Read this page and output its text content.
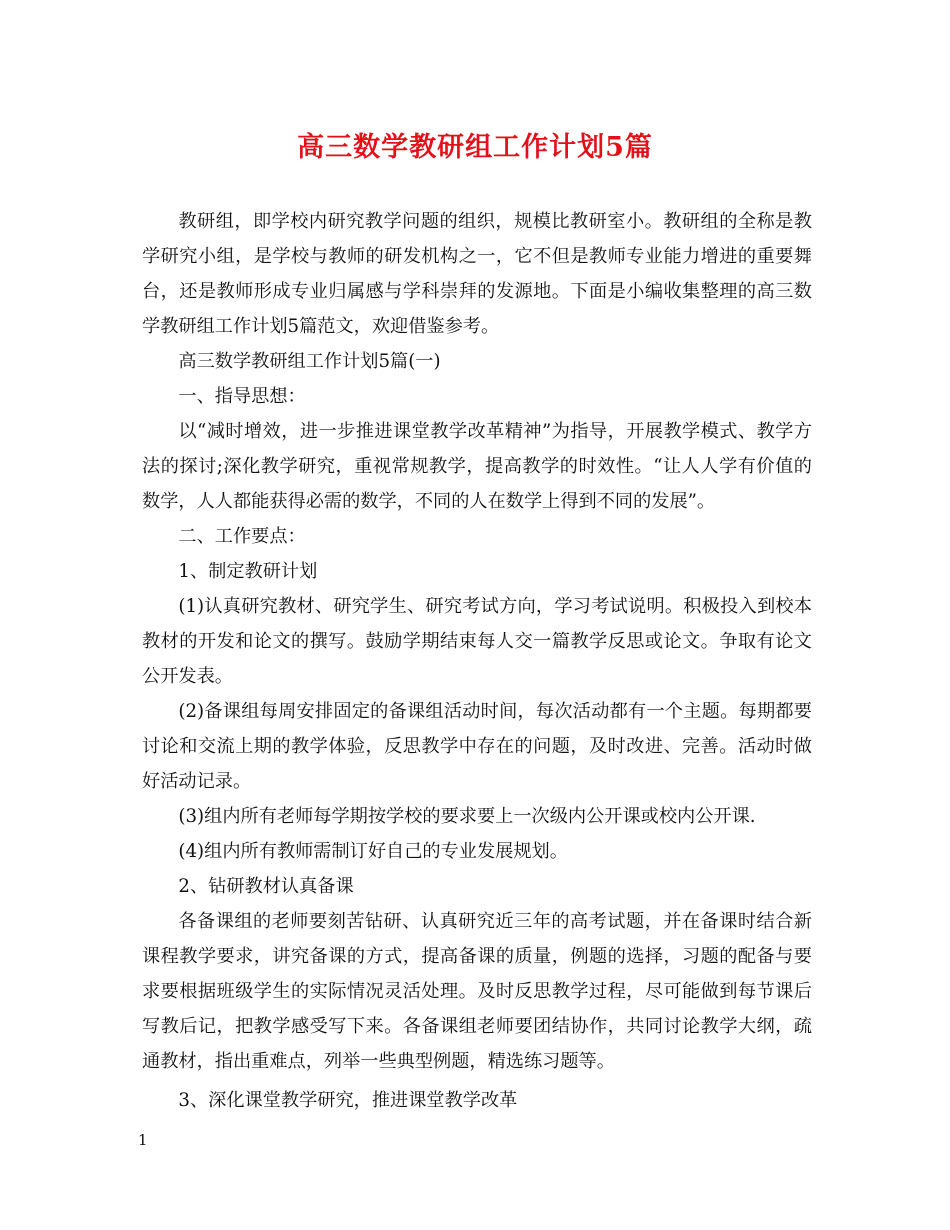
高三数学教研组工作计划5篇

教研组，即学校内研究教学问题的组织，规模比教研室小。教研组的全称是教学研究小组，是学校与教师的研发机构之一，它不但是教师专业能力增进的重要舞台，还是教师形成专业归属感与学科崇拜的发源地。下面是小编收集整理的高三数学教研组工作计划5篇范文，欢迎借鉴参考。

高三数学教研组工作计划5篇(一)

一、指导思想：

以“减时增效，进一步推进课堂教学改革精神”为指导，开展教学模式、教学方法的探讨;深化教学研究，重视常规教学，提高教学的时效性。“让人人学有价值的数学，人人都能获得必需的数学，不同的人在数学上得到不同的发展”。

二、工作要点：

1、制定教研计划

(1)认真研究教材、研究学生、研究考试方向，学习考试说明。积极投入到校本教材的开发和论文的撰写。鼓励学期结束每人交一篇教学反思或论文。争取有论文公开发表。

(2)备课组每周安排固定的备课组活动时间，每次活动都有一个主题。每期都要讨论和交流上期的教学体验，反思教学中存在的问题，及时改进、完善。活动时做好活动记录。

(3)组内所有老师每学期按学校的要求要上一次级内公开课或校内公开课.

(4)组内所有教师需制订好自己的专业发展规划。

2、钻研教材认真备课

各备课组的老师要刻苦钻研、认真研究近三年的高考试题，并在备课时结合新课程教学要求，讲究备课的方式，提高备课的质量，例题的选择，习题的配备与要求要根据班级学生的实际情况灵活处理。及时反思教学过程，尽可能做到每节课后写教后记，把教学感受写下来。各备课组老师要团结协作，共同讨论教学大纲，疏通教材，指出重难点，列举一些典型例题，精选练习题等。

3、深化课堂教学研究，推进课堂教学改革

1
